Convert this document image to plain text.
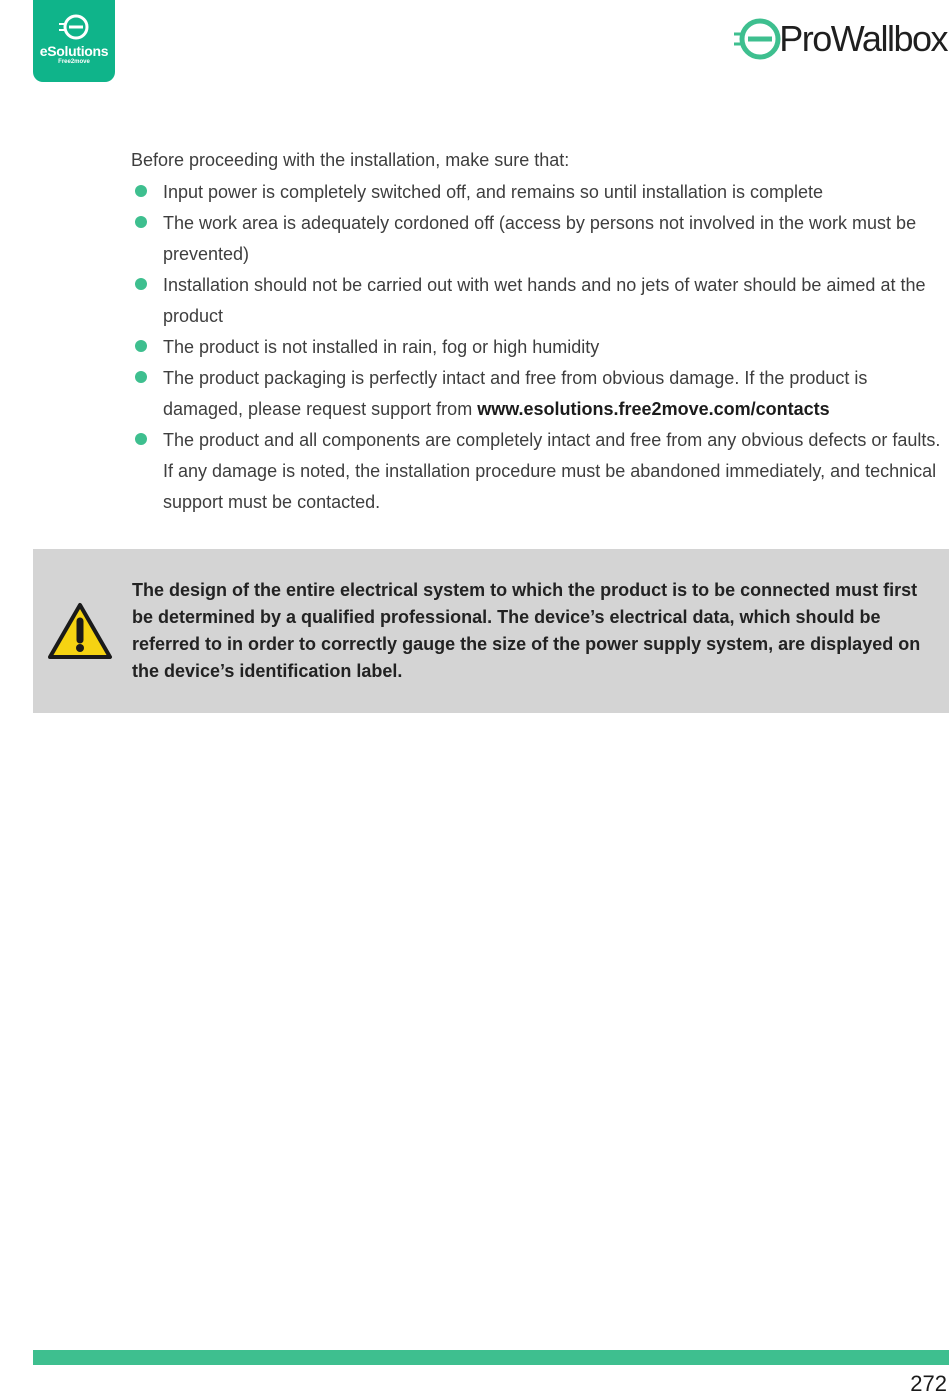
eSolutions
Free2move
ProWallbox

Before proceeding with the installation, make sure that:

Input power is completely switched off, and remains so until installation is complete
The work area is adequately cordoned off (access by persons not involved in the work must be prevented)
Installation should not be carried out with wet hands and no jets of water should be aimed at the product
The product is not installed in rain, fog or high humidity
The product packaging is perfectly intact and free from obvious damage. If the product is damaged, please request support from www.esolutions.free2move.com/contacts
The product and all components are completely intact and free from any obvious defects or faults. If any damage is noted, the installation procedure must be abandoned immediately, and technical support must be contacted.

The design of the entire electrical system to which the product is to be connected must first be determined by a qualified professional. The device’s electrical data, which should be referred to in order to correctly gauge the size of the power supply system, are displayed on the device’s identification label.

272
